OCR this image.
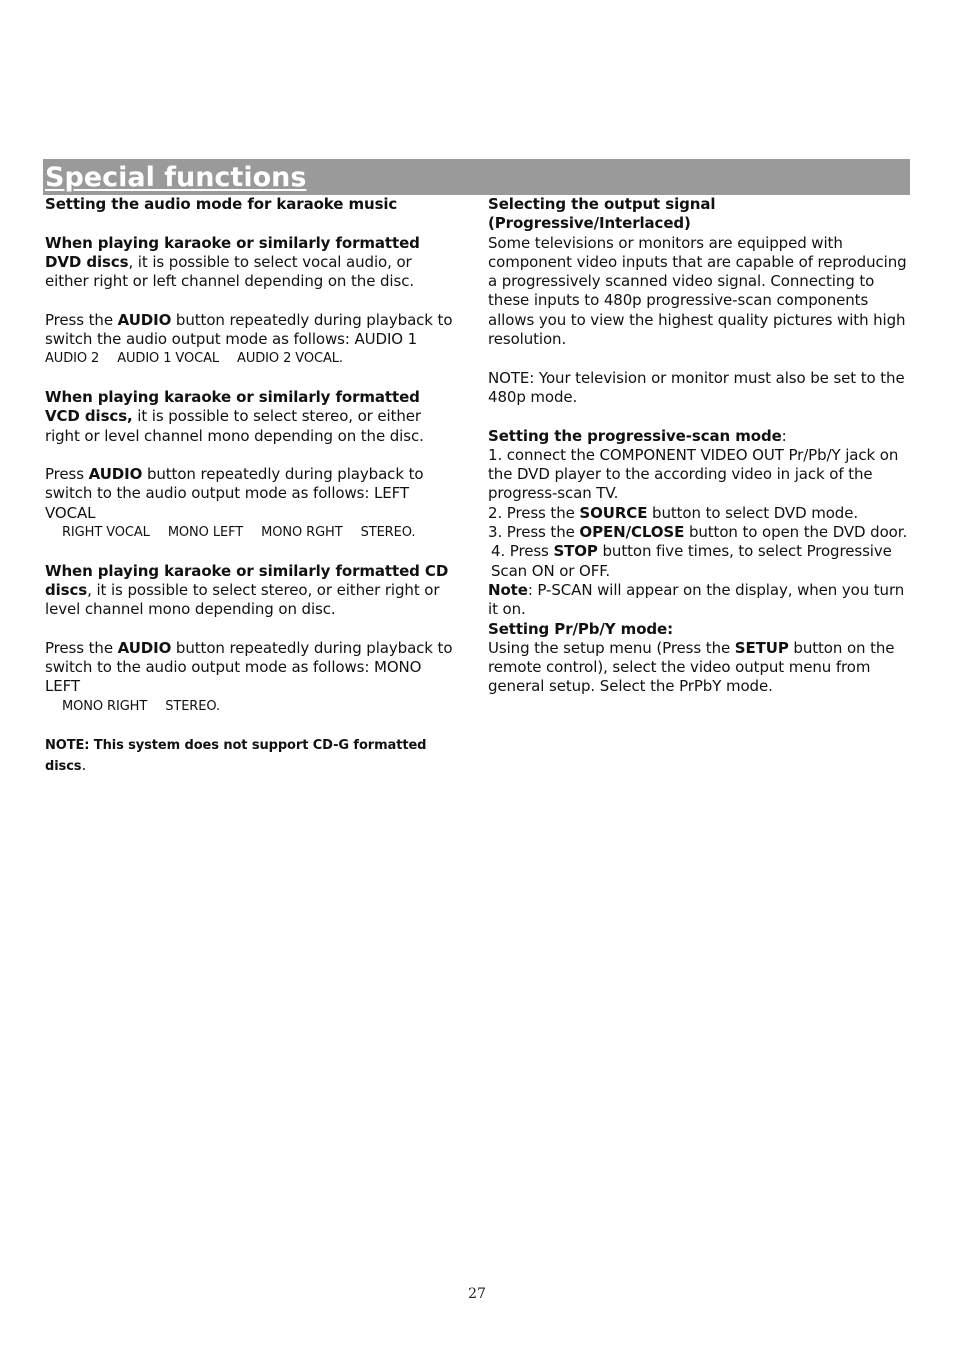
Special functions

Setting the audio mode for karaoke music

When playing karaoke or similarly formatted DVD discs, it is possible to select vocal audio, or either right or left channel depending on the disc.

Press the AUDIO button repeatedly during playback to switch the audio output mode as follows: AUDIO 1

AUDIO 2 AUDIO 1 VOCAL AUDIO 2 VOCAL.

When playing karaoke or similarly formatted VCD discs, it is possible to select stereo, or either right or level channel mono depending on the disc.

Press AUDIO button repeatedly during playback to switch to the audio output mode as follows: LEFT VOCAL

RIGHT VOCAL MONO LEFT MONO RGHT STEREO.

When playing karaoke or similarly formatted CD discs, it is possible to select stereo, or either right or level channel mono depending on disc.

Press the AUDIO button repeatedly during playback to switch to the audio output mode as follows: MONO LEFT

MONO RIGHT STEREO.

NOTE: This system does not support CD-G formatted discs.

Selecting the output signal (Progressive/Interlaced)

Some televisions or monitors are equipped with component video inputs that are capable of reproducing a progressively scanned video signal. Connecting to these inputs to 480p progressive-scan components allows you to view the highest quality pictures with high resolution.

NOTE: Your television or monitor must also be set to the 480p mode.

Setting the progressive-scan mode:

1. connect the COMPONENT VIDEO OUT Pr/Pb/Y jack on the DVD player to the according video in jack of the progress-scan TV.

2. Press the SOURCE button to select DVD mode.

3. Press the OPEN/CLOSE button to open the DVD door.

4. Press STOP button five times, to select Progressive Scan ON or OFF.

Note: P-SCAN will appear on the display, when you turn it on.

Setting Pr/Pb/Y mode:

Using the setup menu (Press the SETUP button on the remote control), select the video output menu from general setup. Select the PrPbY mode.

27
